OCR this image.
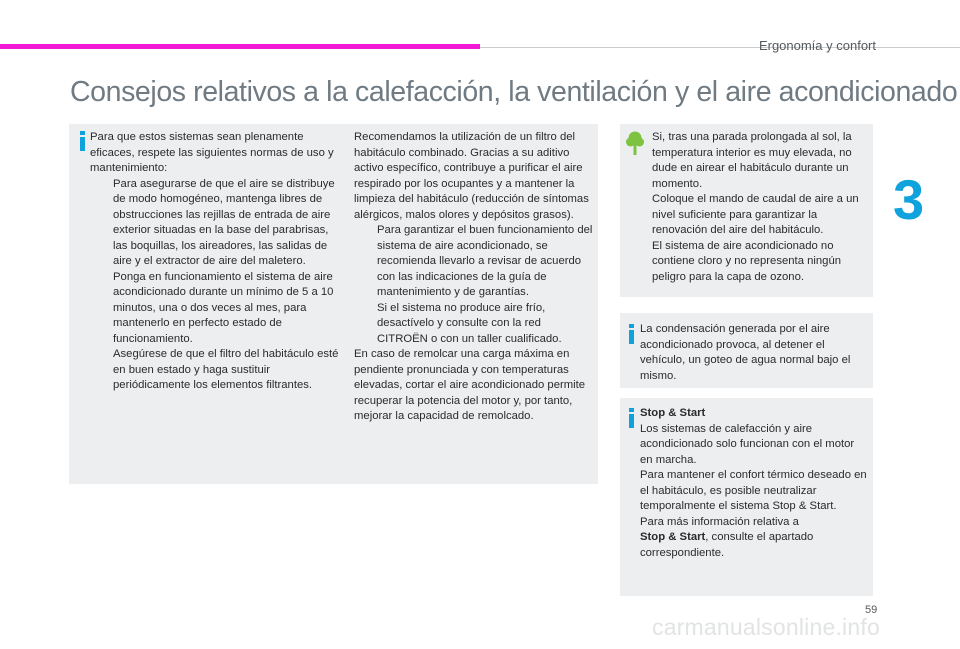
Ergonomía y confort
Consejos relativos a la calefacción, la ventilación y el aire acondicionado
3

Para que estos sistemas sean plenamente eficaces, respete las siguientes normas de uso y mantenimiento:

Para asegurarse de que el aire se distribuye de modo homogéneo, mantenga libres de obstrucciones las rejillas de entrada de aire exterior situadas en la base del parabrisas, las boquillas, los aireadores, las salidas de aire y el extractor de aire del maletero.

Ponga en funcionamiento el sistema de aire acondicionado durante un mínimo de 5 a 10 minutos, una o dos veces al mes, para mantenerlo en perfecto estado de funcionamiento.

Asegúrese de que el filtro del habitáculo esté en buen estado y haga sustituir periódicamente los elementos filtrantes.

Recomendamos la utilización de un filtro del habitáculo combinado. Gracias a su aditivo activo específico, contribuye a purificar el aire respirado por los ocupantes y a mantener la limpieza del habitáculo (reducción de síntomas alérgicos, malos olores y depósitos grasos).

Para garantizar el buen funcionamiento del sistema de aire acondicionado, se recomienda llevarlo a revisar de acuerdo con las indicaciones de la guía de mantenimiento y de garantías.

Si el sistema no produce aire frío, desactívelo y consulte con la red CITROËN o con un taller cualificado.

En caso de remolcar una carga máxima en pendiente pronunciada y con temperaturas elevadas, cortar el aire acondicionado permite recuperar la potencia del motor y, por tanto, mejorar la capacidad de remolcado.

Si, tras una parada prolongada al sol, la temperatura interior es muy elevada, no dude en airear el habitáculo durante un momento.

Coloque el mando de caudal de aire a un nivel suficiente para garantizar la renovación del aire del habitáculo.

El sistema de aire acondicionado no contiene cloro y no representa ningún peligro para la capa de ozono.

La condensación generada por el aire acondicionado provoca, al detener el vehículo, un goteo de agua normal bajo el mismo.

Stop & Start

Los sistemas de calefacción y aire acondicionado solo funcionan con el motor en marcha.

Para mantener el confort térmico deseado en el habitáculo, es posible neutralizar temporalmente el sistema Stop & Start.

Para más información relativa a
Stop & Start, consulte el apartado correspondiente.

59
carmanualsonline.info
